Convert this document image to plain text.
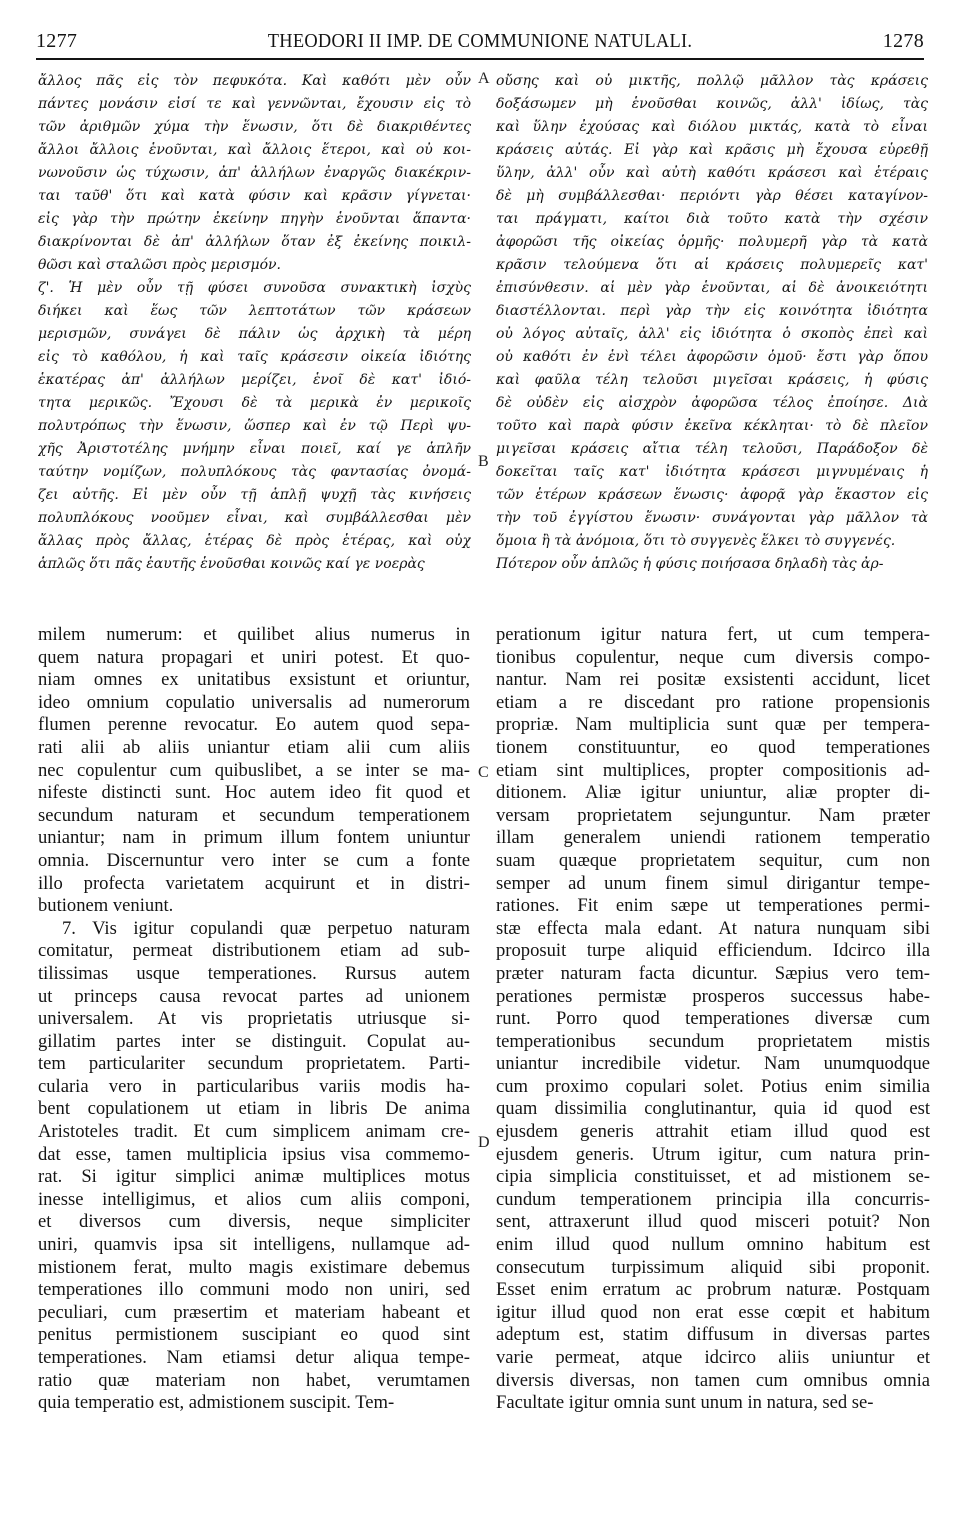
1277	THEODORI II IMP. DE COMMUNIONE NATULALI.	1278
ἄλλος πᾶς εἰς τὸν πεφυκότα. Καὶ καθότι μὲν οὖν
πάντες μονάσιν εἰσί τε καὶ γεννῶνται, ἔχουσιν εἰς τὸ
τῶν ἀριθμῶν χύμα τὴν ἕνωσιν, ὅτι δὲ διακριθέντες
ἄλλοι ἄλλοις ἑνοῦνται, καὶ ἄλλοις ἕτεροι, καὶ οὐ κοι-
νωνοῦσιν ὡς τύχωσιν, ἀπ' ἀλλήλων ἐναργῶς διακέκριν-
ται ταῦθ' ὅτι καὶ κατὰ φύσιν καὶ κρᾶσιν γίγνεται·
εἰς γὰρ τὴν πρώτην ἐκείνην πηγὴν ἑνοῦνται ἅπαντα·
διακρίνονται δὲ ἀπ' ἀλλήλων ὅταν ἐξ ἐκείνης ποικιλ-
θῶσι καὶ σταλῶσι πρὸς μερισμόν.
ζ'. Ἡ μὲν οὖν τῇ φύσει συνοῦσα συνακτικὴ ἰσχὺς
διήκει καὶ ἕως τῶν λεπτοτάτων τῶν κράσεων
μερισμῶν, συνάγει δὲ πάλιν ὡς ἀρχικὴ τὰ μέρη
εἰς τὸ καθόλου, ἡ καὶ ταῖς κράσεσιν οἰκεία ἰδιότης
ἑκατέρας ἀπ' ἀλλήλων μερίζει, ἑνοῖ δὲ κατ' ἰδιό-
τητα μερικῶς. Ἔχουσι δὲ τὰ μερικὰ ἐν μερικοῖς
πολυτρόπως τὴν ἕνωσιν, ὥσπερ καὶ ἐν τῷ Περὶ ψυ-
χῆς Ἀριστοτέλης μνήμην εἶναι ποιεῖ, καί γε ἁπλῆν
ταύτην νομίζων, πολυπλόκους τὰς φαντασίας ὀνομά-
ζει αὐτῆς. Εἰ μὲν οὖν τῇ ἁπλῇ ψυχῇ τὰς κινήσεις
πολυπλόκους νοοῦμεν εἶναι, καὶ συμβάλλεσθαι μὲν
ἄλλας πρὸς ἄλλας, ἑτέρας δὲ πρὸς ἑτέρας, καὶ οὐχ
ἁπλῶς ὅτι πᾶς ἑαυτῆς ἑνοῦσθαι κοινῶς καί γε νοερὰς
οὔσης καὶ οὐ μικτῆς, πολλῷ μᾶλλον τὰς κράσεις
δοξάσωμεν μὴ ἑνοῦσθαι κοινῶς, ἀλλ' ἰδίως, τὰς
καὶ ὕλην ἐχούσας καὶ διόλου μικτάς, κατὰ τὸ εἶναι
κράσεις αὐτάς. Εἰ γὰρ καὶ κρᾶσις μὴ ἔχουσα εὑρεθῇ
ὕλην, ἀλλ' οὖν καὶ αὐτὴ καθότι κράσεσι καὶ ἑτέραις
δὲ μὴ συμβάλλεσθαι· περιόντι γὰρ θέσει καταγίνον-
ται πράγματι, καίτοι διὰ τοῦτο κατὰ τὴν σχέσιν
ἀφορῶσι τῆς οἰκείας ὁρμῆς· πολυμερῆ γὰρ τὰ κατὰ
κρᾶσιν τελούμενα ὅτι αἱ κράσεις πολυμερεῖς κατ'
ἐπισύνθεσιν. αἱ μὲν γὰρ ἑνοῦνται, αἱ δὲ ἀνοικειότητι
διαστέλλονται. περὶ γὰρ τὴν εἰς κοινότητα ἰδιότητα
οὐ λόγος αὐταῖς, ἀλλ' εἰς ἰδιότητα ὁ σκοπὸς ἐπεὶ καὶ
οὐ καθότι ἐν ἑνὶ τέλει ἀφορῶσιν ὁμοῦ· ἔστι γὰρ ὅπου
καὶ φαῦλα τέλη τελοῦσι μιγεῖσαι κράσεις, ἡ φύσις
δὲ οὐδὲν εἰς αἰσχρὸν ἀφορῶσα τέλος ἐποίησε. Διὰ
τοῦτο καὶ παρὰ φύσιν ἐκεῖνα κέκληται· τὸ δὲ πλεῖον
μιγεῖσαι κράσεις αἴτια τέλη τελοῦσι, Παράδοξον δὲ
δοκεῖται ταῖς κατ' ἰδιότητα κράσεσι μιγνυμέναις ἡ
τῶν ἑτέρων κράσεων ἕνωσις· ἀφορᾷ γὰρ ἕκαστον εἰς
τὴν τοῦ ἐγγίστου ἕνωσιν· συνάγονται γὰρ μᾶλλον τὰ
ὅμοια ἢ τὰ ἀνόμοια, ὅτι τὸ συγγενὲς ἕλκει τὸ συγγενές.
Πότερον οὖν ἁπλῶς ἡ φύσις ποιήσασα δηλαδὴ τὰς ἀρ-
milem numerum: et quilibet alius numerus in
quem natura propagari et uniri potest. Et quo-
niam omnes ex unitatibus exsistunt et oriuntur,
ideo omnium copulatio universalis ad numerorum
flumen perenne revocatur. Eo autem quod sepa-
rati alii ab aliis uniantur etiam alii cum aliis
nec copulentur cum quibuslibet, a se inter se ma-
nifeste distincti sunt. Hoc autem ideo fit quod et
secundum naturam et secundum temperationem
uniantur; nam in primum illum fontem uniuntur
omnia. Discernuntur vero inter se cum a fonte
illo profecta varietatem acquirunt et in distri-
butionem veniunt.
7. Vis igitur copulandi quæ perpetuo naturam
comitatur, permeat distributionem etiam ad sub-
tilissimas usque temperationes. Rursus autem
ut princeps causa revocat partes ad unionem
universalem. At vis proprietatis utriusque si-
gillatim partes inter se distinguit. Copulat au-
tem particulariter secundum proprietatem. Parti-
cularia vero in particularibus variis modis ha-
bent copulationem ut etiam in libris De anima
Aristoteles tradit. Et cum simplicem animam cre-
dat esse, tamen multiplicia ipsius visa commemo-
rat. Si igitur simplici animæ multiplices motus
inesse intelligimus, et alios cum aliis componi,
et diversos cum diversis, neque simpliciter
uniri, quamvis ipsa sit intelligens, nullamque ad-
mistionem ferat, multo magis existimare debemus
temperationes illo communi modo non uniri, sed
peculiari, cum præsertim et materiam habeant et
penitus permistionem suscipiant eo quod sint
temperationes. Nam etiamsi detur aliqua tempe-
ratio quæ materiam non habet, verumtamen
quia temperatio est, admistionem suscipit. Tem-
perationum igitur natura fert, ut cum tempera-
tionibus copulentur, neque cum diversis compo-
nantur. Nam rei positæ exsistenti accidunt, licet
etiam a re discedant pro ratione propensionis
propriæ. Nam multiplicia sunt quæ per tempera-
tionem constituuntur, eo quod temperationes
etiam sint multiplices, propter compositionis ad-
ditionem. Aliæ igitur uniuntur, aliæ propter di-
versam proprietatem sejunguntur. Nam præter
illam generalem uniendi rationem temperatio
suam quæque proprietatem sequitur, cum non
semper ad unum finem simul dirigantur tempe-
rationes. Fit enim sæpe ut temperationes permi-
stæ effecta mala edant. At natura nunquam sibi
proposuit turpe aliquid efficiendum. Idcirco illa
præter naturam facta dicuntur. Sæpius vero tem-
perationes permistæ prosperos successus habe-
runt. Porro quod temperationes diversæ cum
temperationibus secundum proprietatem mistis
uniantur incredibile videtur. Nam unumquodque
cum proximo copulari solet. Potius enim similia
quam dissimilia conglutinantur, quia id quod est
ejusdem generis attrahit etiam illud quod est
ejusdem generis. Utrum igitur, cum natura prin-
cipia simplicia constituisset, et ad mistionem se-
cundum temperationem principia illa concurris-
sent, attraxerunt illud quod misceri potuit? Non
enim illud quod nullum omnino habitum est
consecutum turpissimum aliquid sibi proponit.
Esset enim erratum ac probrum naturæ. Postquam
igitur illud quod non erat esse cœpit et habitum
adeptum est, statim diffusum in diversas partes
varie permeat, atque idcirco aliis uniuntur et
diversis diversas, non tamen cum omnibus omnia
Facultate igitur omnia sunt unum in natura, sed se-
A
B
C
D
